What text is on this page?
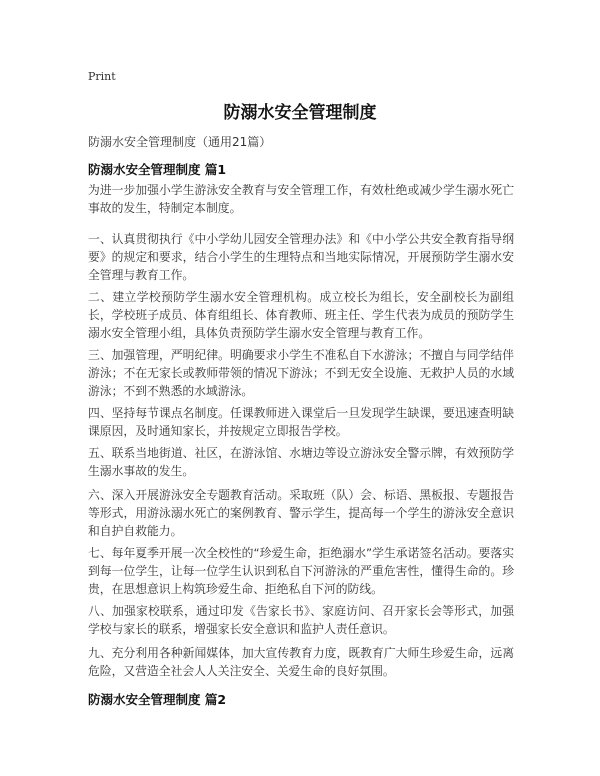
Print
防溺水安全管理制度
防溺水安全管理制度（通用21篇）
防溺水安全管理制度 篇1

为进一步加强小学生游泳安全教育与安全管理工作，有效杜绝或减少学生溺水死亡事故的发生，特制定本制度。

一、认真贯彻执行《中小学幼儿园安全管理办法》和《中小学公共安全教育指导纲要》的规定和要求，结合小学生的生理特点和当地实际情况，开展预防学生溺水安全管理与教育工作。

二、建立学校预防学生溺水安全管理机构。成立校长为组长，安全副校长为副组长，学校班子成员、体育组组长、体育教师、班主任、学生代表为成员的预防学生溺水安全管理小组，具体负责预防学生溺水安全管理与教育工作。

三、加强管理，严明纪律。明确要求小学生不准私自下水游泳；不擅自与同学结伴游泳；不在无家长或教师带领的情况下游泳；不到无安全设施、无救护人员的水域游泳；不到不熟悉的水域游泳。

四、坚持每节课点名制度。任课教师进入课堂后一旦发现学生缺课，要迅速查明缺课原因，及时通知家长，并按规定立即报告学校。

五、联系当地街道、社区，在游泳馆、水塘边等设立游泳安全警示牌，有效预防学生溺水事故的发生。

六、深入开展游泳安全专题教育活动。采取班（队）会、标语、黑板报、专题报告等形式，用游泳溺水死亡的案例教育、警示学生，提高每一个学生的游泳安全意识和自护自救能力。

七、每年夏季开展一次全校性的“珍爱生命，拒绝溺水”学生承诺签名活动。要落实到每一位学生，让每一位学生认识到私自下河游泳的严重危害性，懂得生命的。珍贵，在思想意识上构筑珍爱生命、拒绝私自下河的防线。

八、加强家校联系，通过印发《告家长书》、家庭访问、召开家长会等形式，加强学校与家长的联系，增强家长安全意识和监护人责任意识。

九、充分利用各种新闻媒体，加大宣传教育力度，既教育广大师生珍爱生命，远离危险，又营造全社会人人关注安全、关爱生命的良好氛围。

防溺水安全管理制度 篇2
